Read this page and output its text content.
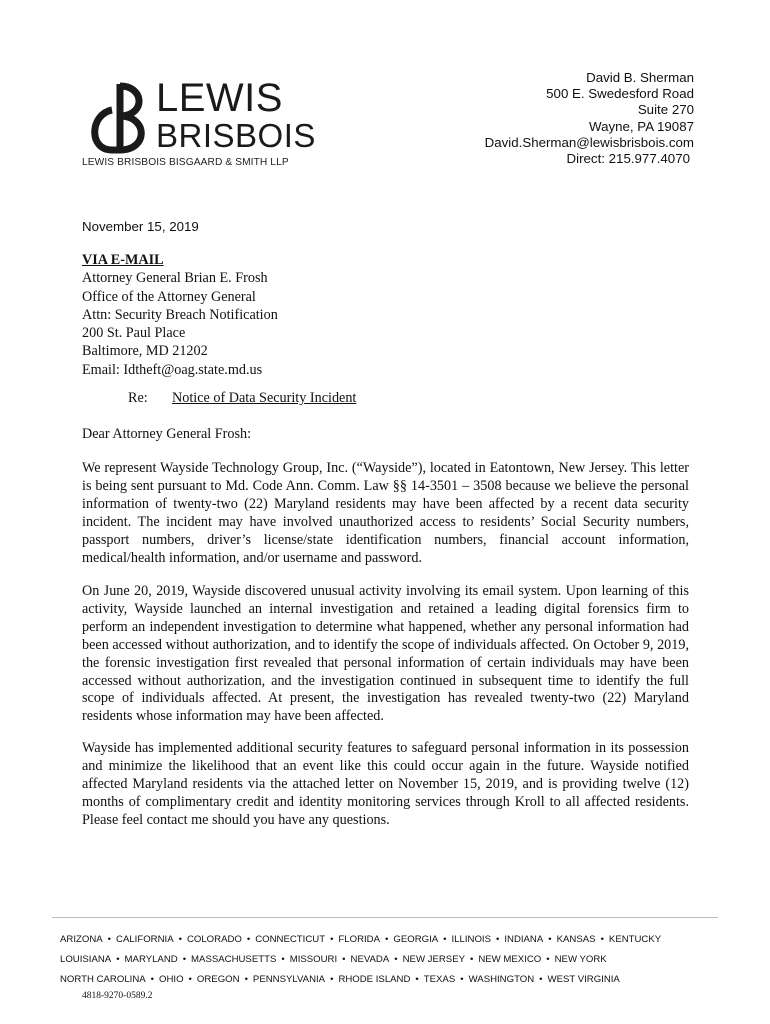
LEWIS
BRISBOIS
LEWIS BRISBOIS BISGAARD & SMITH LLP
David B. Sherman
500 E. Swedesford Road
Suite 270
Wayne, PA 19087
David.Sherman@lewisbrisbois.com
Direct: 215.977.4070
November 15, 2019
VIA E-MAIL
Attorney General Brian E. Frosh
Office of the Attorney General
Attn: Security Breach Notification
200 St. Paul Place
Baltimore, MD 21202
Email: Idtheft@oag.state.md.us
Re: Notice of Data Security Incident
Dear Attorney General Frosh:
We represent Wayside Technology Group, Inc. (“Wayside”), located in Eatontown, New Jersey. This letter is being sent pursuant to Md. Code Ann. Comm. Law §§ 14-3501 – 3508 because we believe the personal information of twenty-two (22) Maryland residents may have been affected by a recent data security incident. The incident may have involved unauthorized access to residents’ Social Security numbers, passport numbers, driver’s license/state identification numbers, financial account information, medical/health information, and/or username and password.
On June 20, 2019, Wayside discovered unusual activity involving its email system. Upon learning of this activity, Wayside launched an internal investigation and retained a leading digital forensics firm to perform an independent investigation to determine what happened, whether any personal information had been accessed without authorization, and to identify the scope of individuals affected. On October 9, 2019, the forensic investigation first revealed that personal information of certain individuals may have been accessed without authorization, and the investigation continued in subsequent time to identify the full scope of individuals affected. At present, the investigation has revealed twenty-two (22) Maryland residents whose information may have been affected.
Wayside has implemented additional security features to safeguard personal information in its possession and minimize the likelihood that an event like this could occur again in the future. Wayside notified affected Maryland residents via the attached letter on November 15, 2019, and is providing twelve (12) months of complimentary credit and identity monitoring services through Kroll to all affected residents. Please feel contact me should you have any questions.
ARIZONA • CALIFORNIA • COLORADO • CONNECTICUT • FLORIDA • GEORGIA • ILLINOIS • INDIANA • KANSAS • KENTUCKY
LOUISIANA • MARYLAND • MASSACHUSETTS • MISSOURI • NEVADA • NEW JERSEY • NEW MEXICO • NEW YORK
NORTH CAROLINA • OHIO • OREGON • PENNSYLVANIA • RHODE ISLAND • TEXAS • WASHINGTON • WEST VIRGINIA
4818-9270-0589.2
